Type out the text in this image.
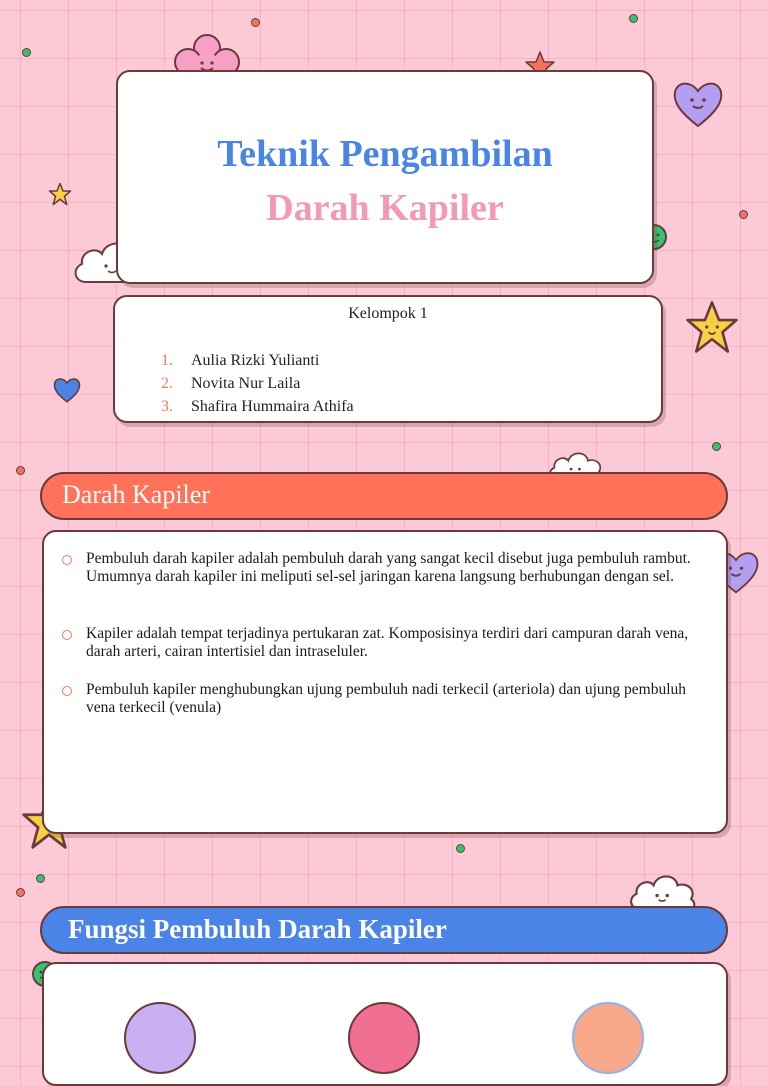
Teknik Pengambilan
Darah Kapiler
Kelompok 1
1.	Aulia Rizki Yulianti
2.	Novita Nur Laila
3.	Shafira Hummaira Athifa
Darah Kapiler
Pembuluh darah kapiler adalah pembuluh darah yang sangat kecil disebut juga pembuluh rambut. Umumnya darah kapiler ini meliputi sel-sel jaringan karena langsung berhubungan dengan sel.
Kapiler adalah tempat terjadinya pertukaran zat. Komposisinya terdiri dari campuran darah vena, darah arteri, cairan intertisiel dan intraseluler.
Pembuluh kapiler menghubungkan ujung pembuluh nadi terkecil (arteriola) dan ujung pembuluh vena terkecil (venula)
Fungsi Pembuluh Darah Kapiler
